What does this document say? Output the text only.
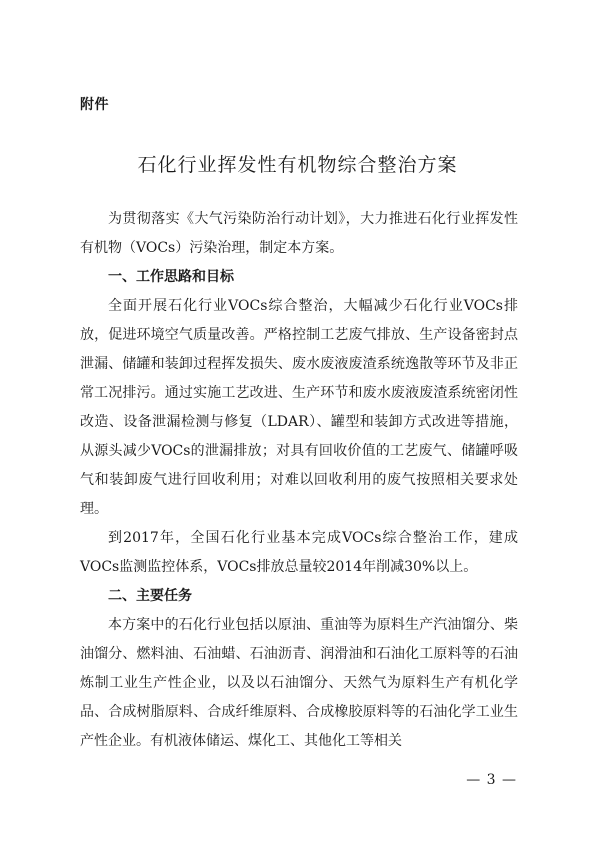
附件
石化行业挥发性有机物综合整治方案

为贯彻落实《大气污染防治行动计划》，大力推进石化行业挥发性有机物（VOCs）污染治理，制定本方案。

一、工作思路和目标

全面开展石化行业VOCs综合整治，大幅减少石化行业VOCs排放，促进环境空气质量改善。严格控制工艺废气排放、生产设备密封点泄漏、储罐和装卸过程挥发损失、废水废液废渣系统逸散等环节及非正常工况排污。通过实施工艺改进、生产环节和废水废液废渣系统密闭性改造、设备泄漏检测与修复（LDAR）、罐型和装卸方式改进等措施，从源头减少VOCs的泄漏排放；对具有回收价值的工艺废气、储罐呼吸气和装卸废气进行回收利用；对难以回收利用的废气按照相关要求处理。

到2017年，全国石化行业基本完成VOCs综合整治工作，建成VOCs监测监控体系，VOCs排放总量较2014年削减30%以上。

二、主要任务

本方案中的石化行业包括以原油、重油等为原料生产汽油馏分、柴油馏分、燃料油、石油蜡、石油沥青、润滑油和石油化工原料等的石油炼制工业生产性企业，以及以石油馏分、天然气为原料生产有机化学品、合成树脂原料、合成纤维原料、合成橡胶原料等的石油化学工业生产性企业。有机液体储运、煤化工、其他化工等相关

— 3 —
